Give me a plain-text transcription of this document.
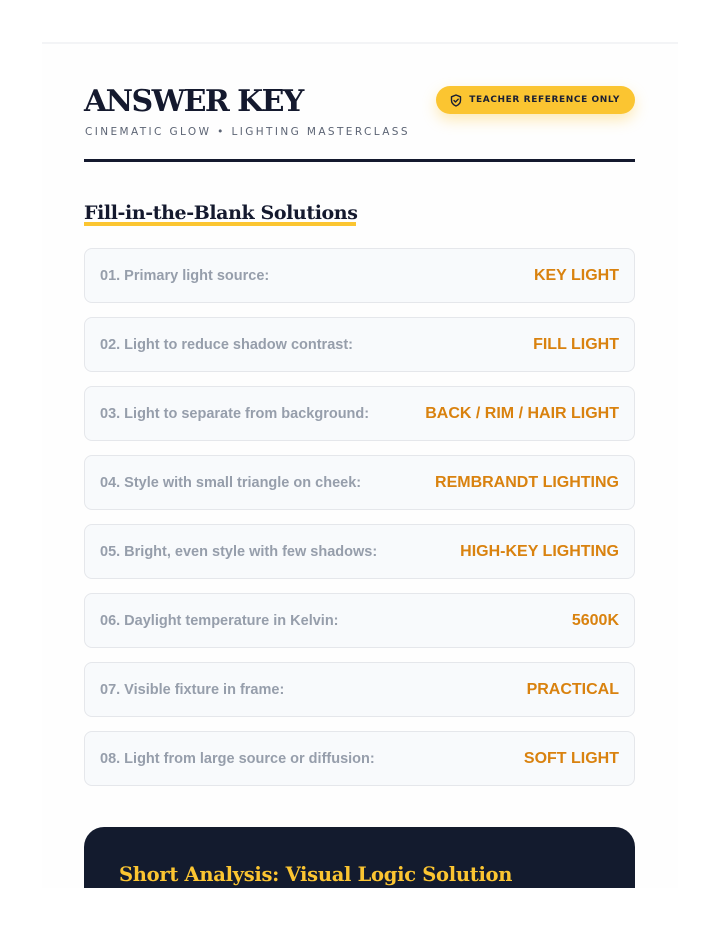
ANSWER KEY
CINEMATIC GLOW • LIGHTING MASTERCLASS
TEACHER REFERENCE ONLY
Fill-in-the-Blank Solutions
01. Primary light source:	KEY LIGHT
02. Light to reduce shadow contrast:	FILL LIGHT
03. Light to separate from background:	BACK / RIM / HAIR LIGHT
04. Style with small triangle on cheek:	REMBRANDT LIGHTING
05. Bright, even style with few shadows:	HIGH-KEY LIGHTING
06. Daylight temperature in Kelvin:	5600K
07. Visible fixture in frame:	PRACTICAL
08. Light from large source or diffusion:	SOFT LIGHT
Short Analysis: Visual Logic Solution
